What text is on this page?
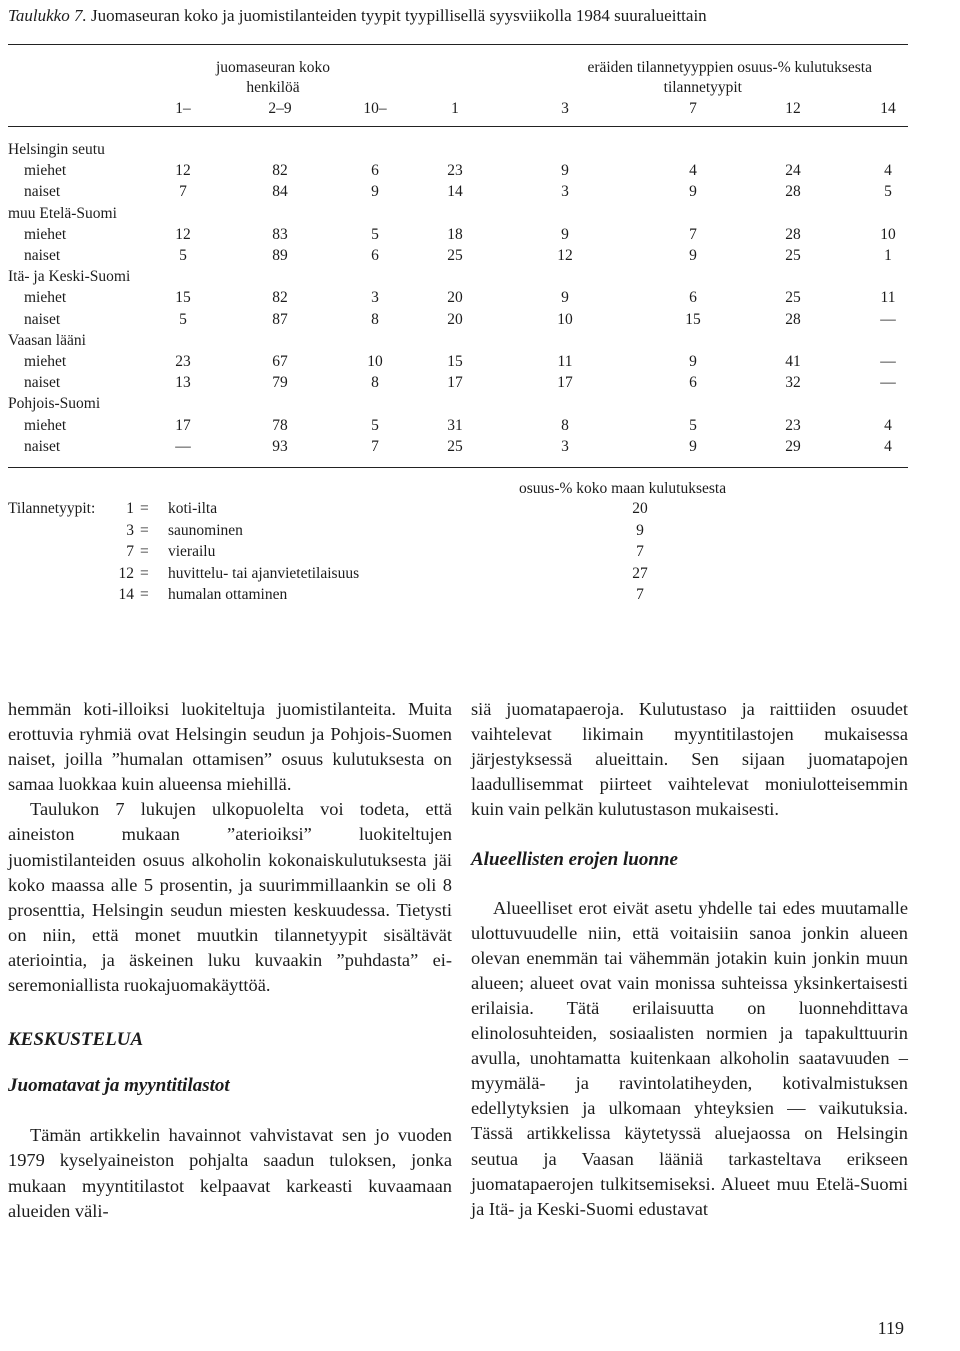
Taulukko 7. Juomaseuran koko ja juomistilanteiden tyypit tyypillisellä syysviikolla 1984 suuralueittain
juomaseuran koko
henkilöä
eräiden tilannetyyppien osuus-% kulutuksesta
tilannetyypit
1–	2–9	10–	1	3	7	12	14
Helsingin seutu
miehet	12	82	6	23	9	4	24	4
naiset	7	84	9	14	3	9	28	5
muu Etelä-Suomi
miehet	12	83	5	18	9	7	28	10
naiset	5	89	6	25	12	9	25	1
Itä- ja Keski-Suomi
miehet	15	82	3	20	9	6	25	11
naiset	5	87	8	20	10	15	28	—
Vaasan lääni
miehet	23	67	10	15	11	9	41	—
naiset	13	79	8	17	17	6	32	—
Pohjois-Suomi
miehet	17	78	5	31	8	5	23	4
naiset	—	93	7	25	3	9	29	4
osuus-% koko maan kulutuksesta
Tilannetyypit:	1 = koti-ilta	20
3 = saunominen	9
7 = vierailu	7
12 = huvittelu- tai ajanvietetilaisuus	27
14 = humalan ottaminen	7

hemmän koti-illoiksi luokiteltuja juomistilanteita. Muita erottuvia ryhmiä ovat Helsingin seudun ja Pohjois-Suomen naiset, joilla ”humalan ottamisen” osuus kulutuksesta on samaa luokkaa kuin alueensa miehillä.

Taulukon 7 lukujen ulkopuolelta voi todeta, että aineiston mukaan ”aterioiksi” luokiteltujen juomistilanteiden osuus alkoholin kokonaiskulutuksesta jäi koko maassa alle 5 prosentin, ja suurimmillaankin se oli 8 prosenttia, Helsingin seudun miesten keskuudessa. Tietysti on niin, että monet muutkin tilannetyypit sisältävät ateriointia, ja äskeinen luku kuvaakin ”puhdasta” ei-seremoniallista ruokajuomakäyttöä.

KESKUSTELUA

Juomatavat ja myyntitilastot

Tämän artikkelin havainnot vahvistavat sen jo vuoden 1979 kyselyaineiston pohjalta saadun tuloksen, jonka mukaan myyntitilastot kelpaavat karkeasti kuvaamaan alueiden väli-

siä juomatapaeroja. Kulutustaso ja raittiiden osuudet vaihtelevat likimain myyntitilastojen mukaisessa järjestyksessä alueittain. Sen sijaan juomatapojen laadullisemmat piirteet vaihtelevat moniulotteisemmin kuin vain pelkän kulutustason mukaisesti.

Alueellisten erojen luonne

Alueelliset erot eivät asetu yhdelle tai edes muutamalle ulottuvuudelle niin, että voitaisiin sanoa jonkin alueen olevan enemmän tai vähemmän jotakin kuin jonkin muun alueen; alueet ovat vain monissa suhteissa yksinkertaisesti erilaisia. Tätä erilaisuutta on luonnehdittava elinolosuhteiden, sosiaalisten normien ja tapakulttuurin avulla, unohtamatta kuitenkaan alkoholin saatavuuden – myymälä- ja ravintolatiheyden, kotivalmistuksen edellytyksien ja ulkomaan yhteyksien — vaikutuksia. Tässä artikkelissa käytetyssä aluejaossa on Helsingin seutua ja Vaasan lääniä tarkasteltava erikseen juomatapaerojen tulkitsemiseksi. Alueet muu Etelä-Suomi ja Itä- ja Keski-Suomi edustavat

119
